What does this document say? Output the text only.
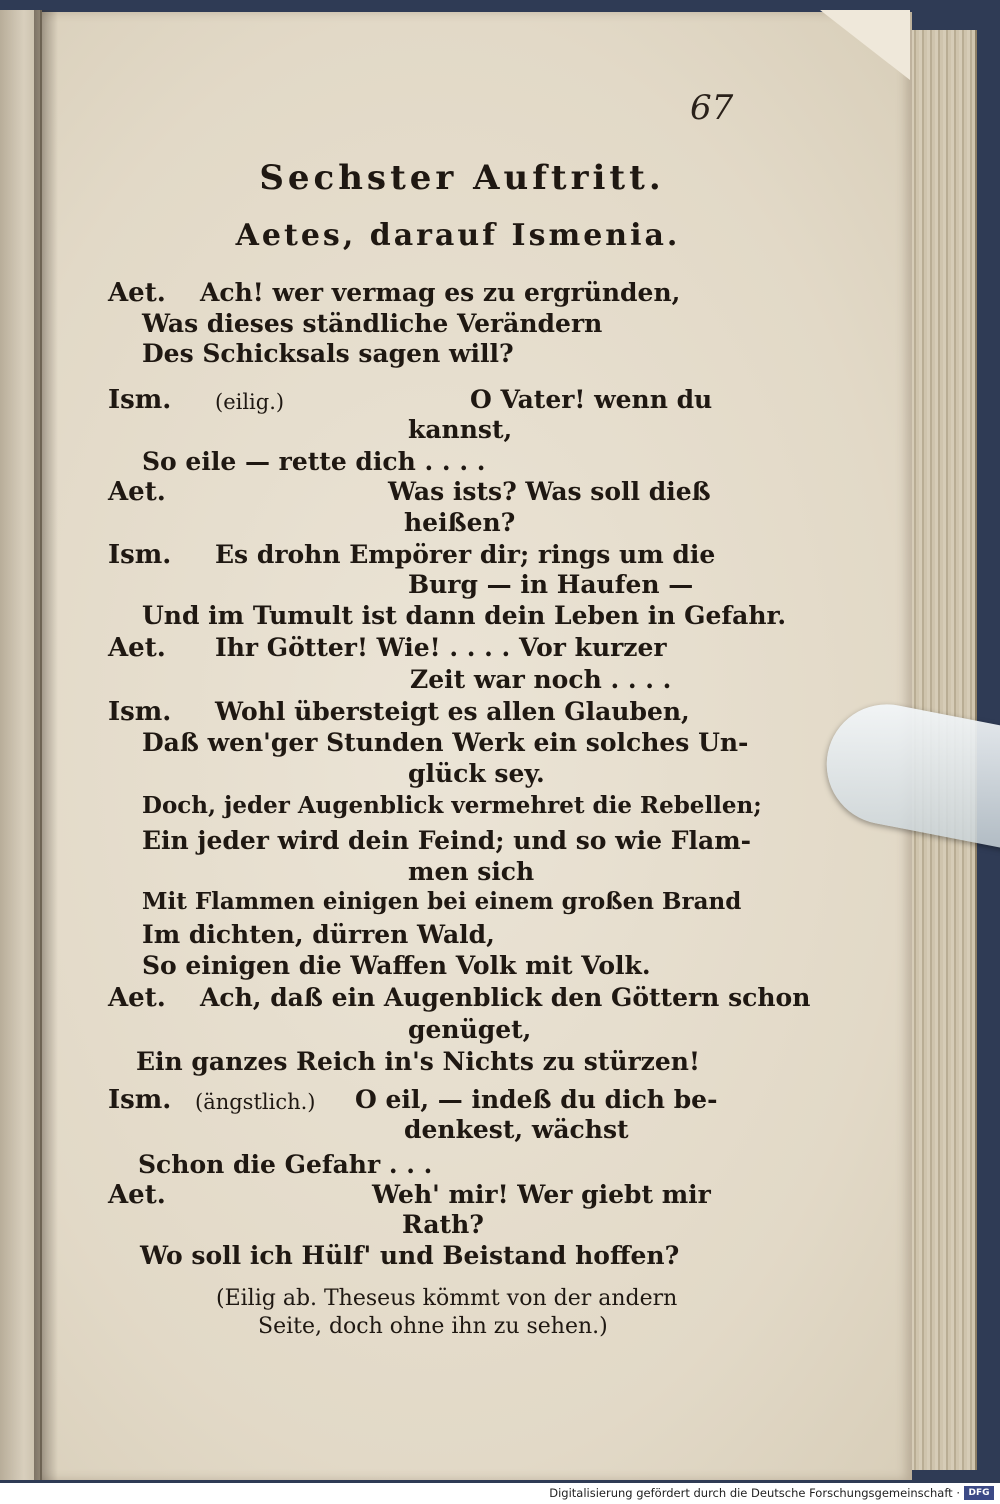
67
Sechster Auftritt.
Aetes, darauf Ismenia.
Aet. Ach! wer vermag es zu ergründen,
Was dieses ständliche Verändern
Des Schicksals sagen will?
Ism. (eilig.)	O Vater! wenn du
kannst,
So eile — rette dich . . . .
Aet.	Was ists? Was soll dieß
heißen?
Ism. Es drohn Empörer dir; rings um die
Burg — in Haufen —
Und im Tumult ist dann dein Leben in Gefahr.
Aet. Ihr Götter! Wie! . . . . Vor kurzer
Zeit war noch . . . .
Ism. Wohl übersteigt es allen Glauben,
Daß wen'ger Stunden Werk ein solches Un-
glück sey.
Doch, jeder Augenblick vermehret die Rebellen;
Ein jeder wird dein Feind; und so wie Flam-
men sich
Mit Flammen einigen bei einem großen Brand
Im dichten, dürren Wald,
So einigen die Waffen Volk mit Volk.
Aet. Ach, daß ein Augenblick den Göttern schon
genüget,
Ein ganzes Reich in's Nichts zu stürzen!
Ism. (ängstlich.) O eil, — indeß du dich be-
denkest, wächst
Schon die Gefahr . . .
Aet.	Weh' mir! Wer giebt mir
Rath?
Wo soll ich Hülf' und Beistand hoffen?
(Eilig ab. Theseus kömmt von der andern
Seite, doch ohne ihn zu sehen.)
Digitalisierung gefördert durch die Deutsche Forschungsgemeinschaft · DFG
